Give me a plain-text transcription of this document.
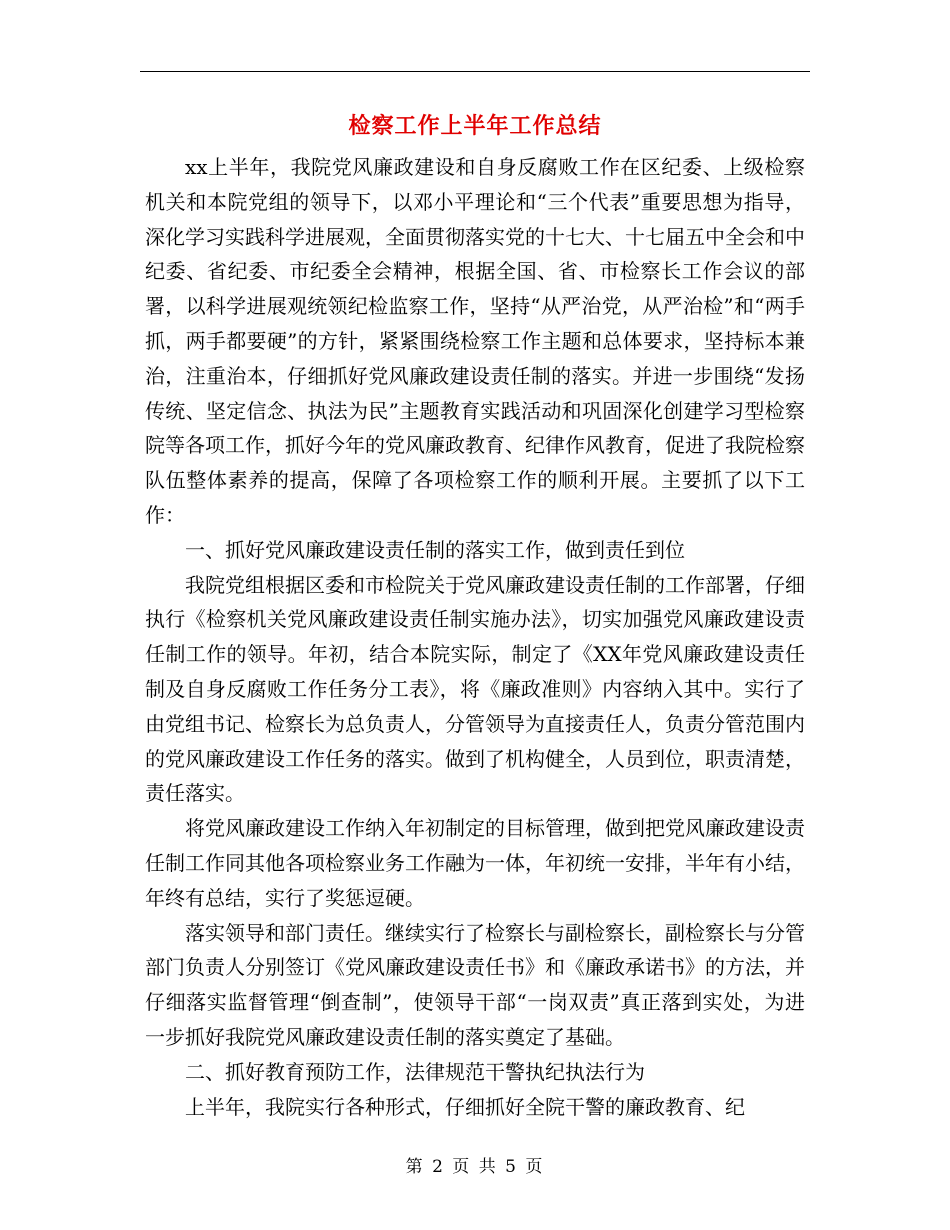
检察工作上半年工作总结

xx上半年，我院党风廉政建设和自身反腐败工作在区纪委、上级检察机关和本院党组的领导下，以邓小平理论和“三个代表”重要思想为指导，深化学习实践科学进展观，全面贯彻落实党的十七大、十七届五中全会和中纪委、省纪委、市纪委全会精神，根据全国、省、市检察长工作会议的部署，以科学进展观统领纪检监察工作，坚持“从严治党，从严治检”和“两手抓，两手都要硬”的方针，紧紧围绕检察工作主题和总体要求，坚持标本兼治，注重治本，仔细抓好党风廉政建设责任制的落实。并进一步围绕“发扬传统、坚定信念、执法为民”主题教育实践活动和巩固深化创建学习型检察院等各项工作，抓好今年的党风廉政教育、纪律作风教育，促进了我院检察队伍整体素养的提高，保障了各项检察工作的顺利开展。主要抓了以下工作：

一、抓好党风廉政建设责任制的落实工作，做到责任到位

我院党组根据区委和市检院关于党风廉政建设责任制的工作部署，仔细执行《检察机关党风廉政建设责任制实施办法》，切实加强党风廉政建设责任制工作的领导。年初，结合本院实际，制定了《XX年党风廉政建设责任制及自身反腐败工作任务分工表》，将《廉政准则》内容纳入其中。实行了由党组书记、检察长为总负责人，分管领导为直接责任人，负责分管范围内的党风廉政建设工作任务的落实。做到了机构健全，人员到位，职责清楚，责任落实。

将党风廉政建设工作纳入年初制定的目标管理，做到把党风廉政建设责任制工作同其他各项检察业务工作融为一体，年初统一安排，半年有小结，年终有总结，实行了奖惩逗硬。

落实领导和部门责任。继续实行了检察长与副检察长，副检察长与分管部门负责人分别签订《党风廉政建设责任书》和《廉政承诺书》的方法，并仔细落实监督管理“倒查制”，使领导干部“一岗双责”真正落到实处，为进一步抓好我院党风廉政建设责任制的落实奠定了基础。

二、抓好教育预防工作，法律规范干警执纪执法行为

上半年，我院实行各种形式，仔细抓好全院干警的廉政教育、纪

第 2 页 共 5 页
